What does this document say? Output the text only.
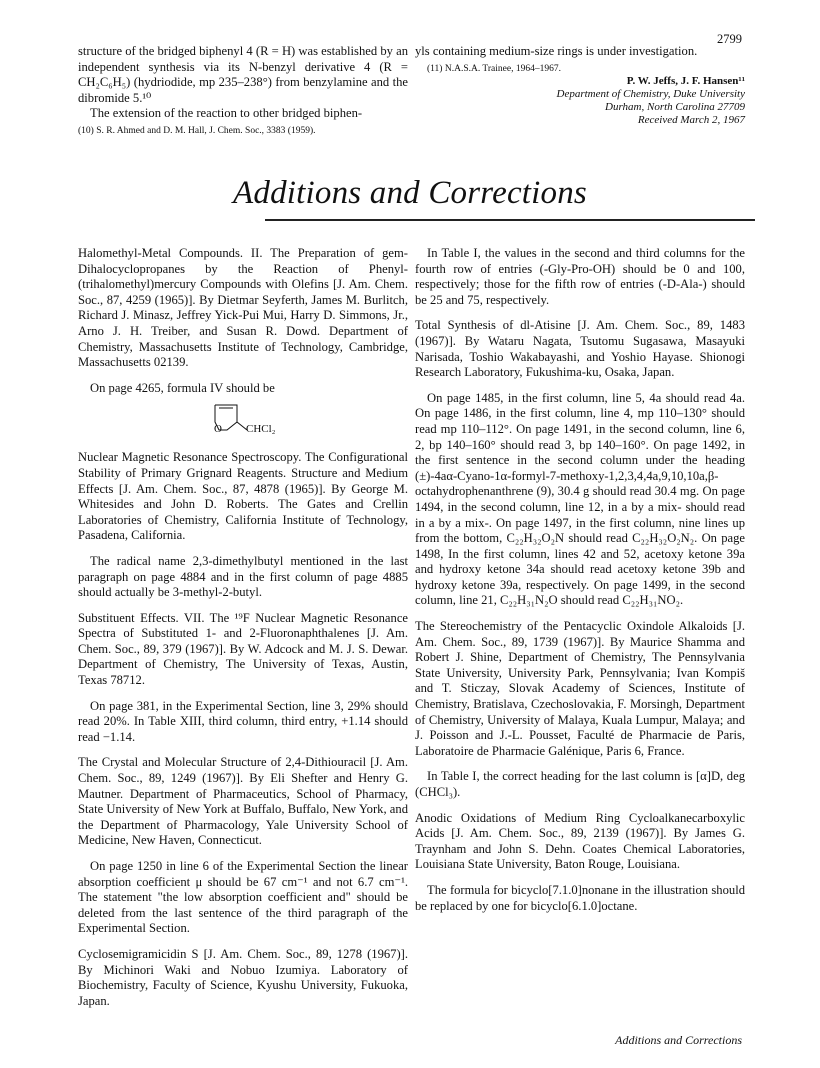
2799

structure of the bridged biphenyl 4 (R = H) was established by an independent synthesis via its N-benzyl derivative 4 (R = CH₂C₆H₅) (hydriodide, mp 235–238°) from benzylamine and the dibromide 5.¹⁰

The extension of the reaction to other bridged biphen-

(10) S. R. Ahmed and D. M. Hall, J. Chem. Soc., 3383 (1959).

yls containing medium-size rings is under investigation.

(11) N.A.S.A. Trainee, 1964–1967.

P. W. Jeffs, J. F. Hansen¹¹
Department of Chemistry, Duke University
Durham, North Carolina 27709
Received March 2, 1967
Additions and Corrections

Halomethyl-Metal Compounds. II. The Preparation of gem-Dihalocyclopropanes by the Reaction of Phenyl-(trihalomethyl)mercury Compounds with Olefins [J. Am. Chem. Soc., 87, 4259 (1965)]. By Dietmar Seyferth, James M. Burlitch, Richard J. Minasz, Jeffrey Yick-Pui Mui, Harry D. Simmons, Jr., Arno J. H. Treiber, and Susan R. Dowd. Department of Chemistry, Massachusetts Institute of Technology, Cambridge, Massachusetts 02139.

On page 4265, formula IV should be

O CHCl₂

Nuclear Magnetic Resonance Spectroscopy. The Configurational Stability of Primary Grignard Reagents. Structure and Medium Effects [J. Am. Chem. Soc., 87, 4878 (1965)]. By George M. Whitesides and John D. Roberts. The Gates and Crellin Laboratories of Chemistry, California Institute of Technology, Pasadena, California.

The radical name 2,3-dimethylbutyl mentioned in the last paragraph on page 4884 and in the first column of page 4885 should actually be 3-methyl-2-butyl.

Substituent Effects. VII. The ¹⁹F Nuclear Magnetic Resonance Spectra of Substituted 1- and 2-Fluoronaphthalenes [J. Am. Chem. Soc., 89, 379 (1967)]. By W. Adcock and M. J. S. Dewar. Department of Chemistry, The University of Texas, Austin, Texas 78712.

On page 381, in the Experimental Section, line 3, 29% should read 20%. In Table XIII, third column, third entry, +1.14 should read −1.14.

The Crystal and Molecular Structure of 2,4-Dithiouracil [J. Am. Chem. Soc., 89, 1249 (1967)]. By Eli Shefter and Henry G. Mautner. Department of Pharmaceutics, School of Pharmacy, State University of New York at Buffalo, Buffalo, New York, and the Department of Pharmacology, Yale University School of Medicine, New Haven, Connecticut.

On page 1250 in line 6 of the Experimental Section the linear absorption coefficient μ should be 67 cm⁻¹ and not 6.7 cm⁻¹. The statement "the low absorption coefficient and" should be deleted from the last sentence of the third paragraph of the Experimental Section.

Cyclosemigramicidin S [J. Am. Chem. Soc., 89, 1278 (1967)]. By Michinori Waki and Nobuo Izumiya. Laboratory of Biochemistry, Faculty of Science, Kyushu University, Fukuoka, Japan.

In Table I, the values in the second and third columns for the fourth row of entries (-Gly-Pro-OH) should be 0 and 100, respectively; those for the fifth row of entries (-D-Ala-) should be 25 and 75, respectively.

Total Synthesis of dl-Atisine [J. Am. Chem. Soc., 89, 1483 (1967)]. By Wataru Nagata, Tsutomu Sugasawa, Masayuki Narisada, Toshio Wakabayashi, and Yoshio Hayase. Shionogi Research Laboratory, Fukushima-ku, Osaka, Japan.

On page 1485, in the first column, line 5, 4a should read 4a. On page 1486, in the first column, line 4, mp 110–130° should read mp 110–112°. On page 1491, in the second column, line 6, 2, bp 140–160° should read 3, bp 140–160°. On page 1492, in the first sentence in the second column under the heading (±)-4aα-Cyano-1α-formyl-7-methoxy-1,2,3,4,4a,9,10,10a,β-octahydrophenanthrene (9), 30.4 g should read 30.4 mg. On page 1494, in the second column, line 12, in a by a mix- should read in a by a mix-. On page 1497, in the first column, nine lines up from the bottom, C₂₂H₃₂O₂N should read C₂₂H₃₂O₂N₂. On page 1498, In the first column, lines 42 and 52, acetoxy ketone 39a and hydroxy ketone 34a should read acetoxy ketone 39b and hydroxy ketone 39a, respectively. On page 1499, in the second column, line 21, C₂₂H₃₁N₂O should read C₂₂H₃₁NO₂.

The Stereochemistry of the Pentacyclic Oxindole Alkaloids [J. Am. Chem. Soc., 89, 1739 (1967)]. By Maurice Shamma and Robert J. Shine, Department of Chemistry, The Pennsylvania State University, University Park, Pennsylvania; Ivan Kompiš and T. Sticzay, Slovak Academy of Sciences, Institute of Chemistry, Bratislava, Czechoslovakia, F. Morsingh, Department of Chemistry, University of Malaya, Kuala Lumpur, Malaya; and J. Poisson and J.-L. Pousset, Faculté de Pharmacie de Paris, Laboratoire de Pharmacie Galénique, Paris 6, France.

In Table I, the correct heading for the last column is [α]D, deg (CHCl₃).

Anodic Oxidations of Medium Ring Cycloalkanecarboxylic Acids [J. Am. Chem. Soc., 89, 2139 (1967)]. By James G. Traynham and John S. Dehn. Coates Chemical Laboratories, Louisiana State University, Baton Rouge, Louisiana.

The formula for bicyclo[7.1.0]nonane in the illustration should be replaced by one for bicyclo[6.1.0]octane.

Additions and Corrections
